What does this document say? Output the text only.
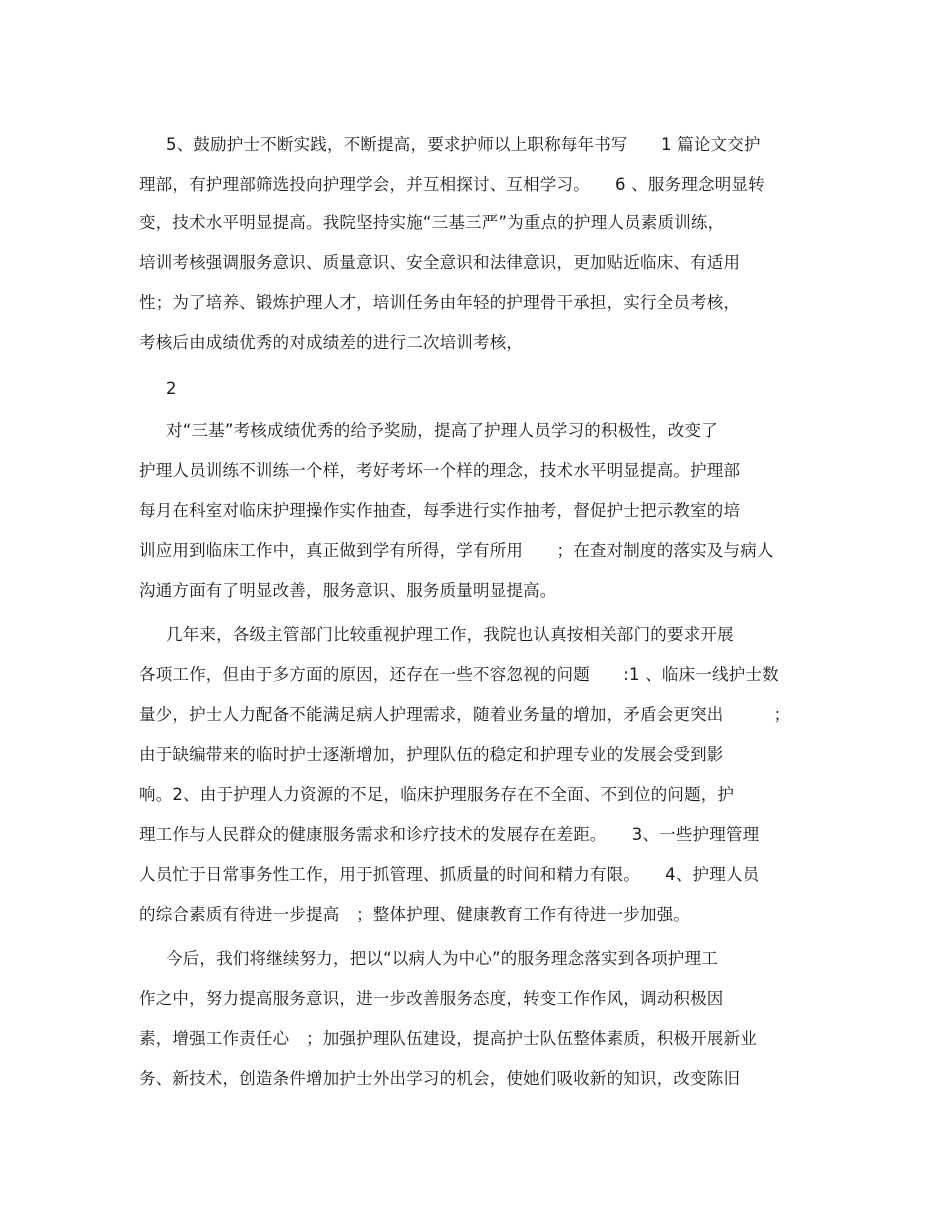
5、鼓励护士不断实践，不断提高，要求护师以上职称每年书写　　1 篇论文交护
理部，有护理部筛选投向护理学会，并互相探讨、互相学习。　　6 、服务理念明显转
变，技术水平明显提高。我院坚持实施“三基三严”为重点的护理人员素质训练，
培训考核强调服务意识、质量意识、安全意识和法律意识，更加贴近临床、有适用
性；为了培养、锻炼护理人才，培训任务由年轻的护理骨干承担，实行全员考核，
考核后由成绩优秀的对成绩差的进行二次培训考核，
2
对“三基”考核成绩优秀的给予奖励，提高了护理人员学习的积极性，改变了
护理人员训练不训练一个样，考好考坏一个样的理念，技术水平明显提高。护理部
每月在科室对临床护理操作实作抽查，每季进行实作抽考，督促护士把示教室的培
训应用到临床工作中，真正做到学有所得，学有所用　　；在查对制度的落实及与病人
沟通方面有了明显改善，服务意识、服务质量明显提高。
几年来，各级主管部门比较重视护理工作，我院也认真按相关部门的要求开展
各项工作，但由于多方面的原因，还存在一些不容忽视的问题　　:1 、临床一线护士数
量少，护士人力配备不能满足病人护理需求，随着业务量的增加，矛盾会更突出　　　；
由于缺编带来的临时护士逐渐增加，护理队伍的稳定和护理专业的发展会受到影
响。2、由于护理人力资源的不足，临床护理服务存在不全面、不到位的问题，护
理工作与人民群众的健康服务需求和诊疗技术的发展存在差距。　　3、一些护理管理
人员忙于日常事务性工作，用于抓管理、抓质量的时间和精力有限。　　4、护理人员
的综合素质有待进一步提高　；整体护理、健康教育工作有待进一步加强。
今后，我们将继续努力，把以“以病人为中心”的服务理念落实到各项护理工
作之中，努力提高服务意识，进一步改善服务态度，转变工作作风，调动积极因
素，增强工作责任心　；加强护理队伍建设，提高护士队伍整体素质，积极开展新业
务、新技术，创造条件增加护士外出学习的机会，使她们吸收新的知识，改变陈旧
